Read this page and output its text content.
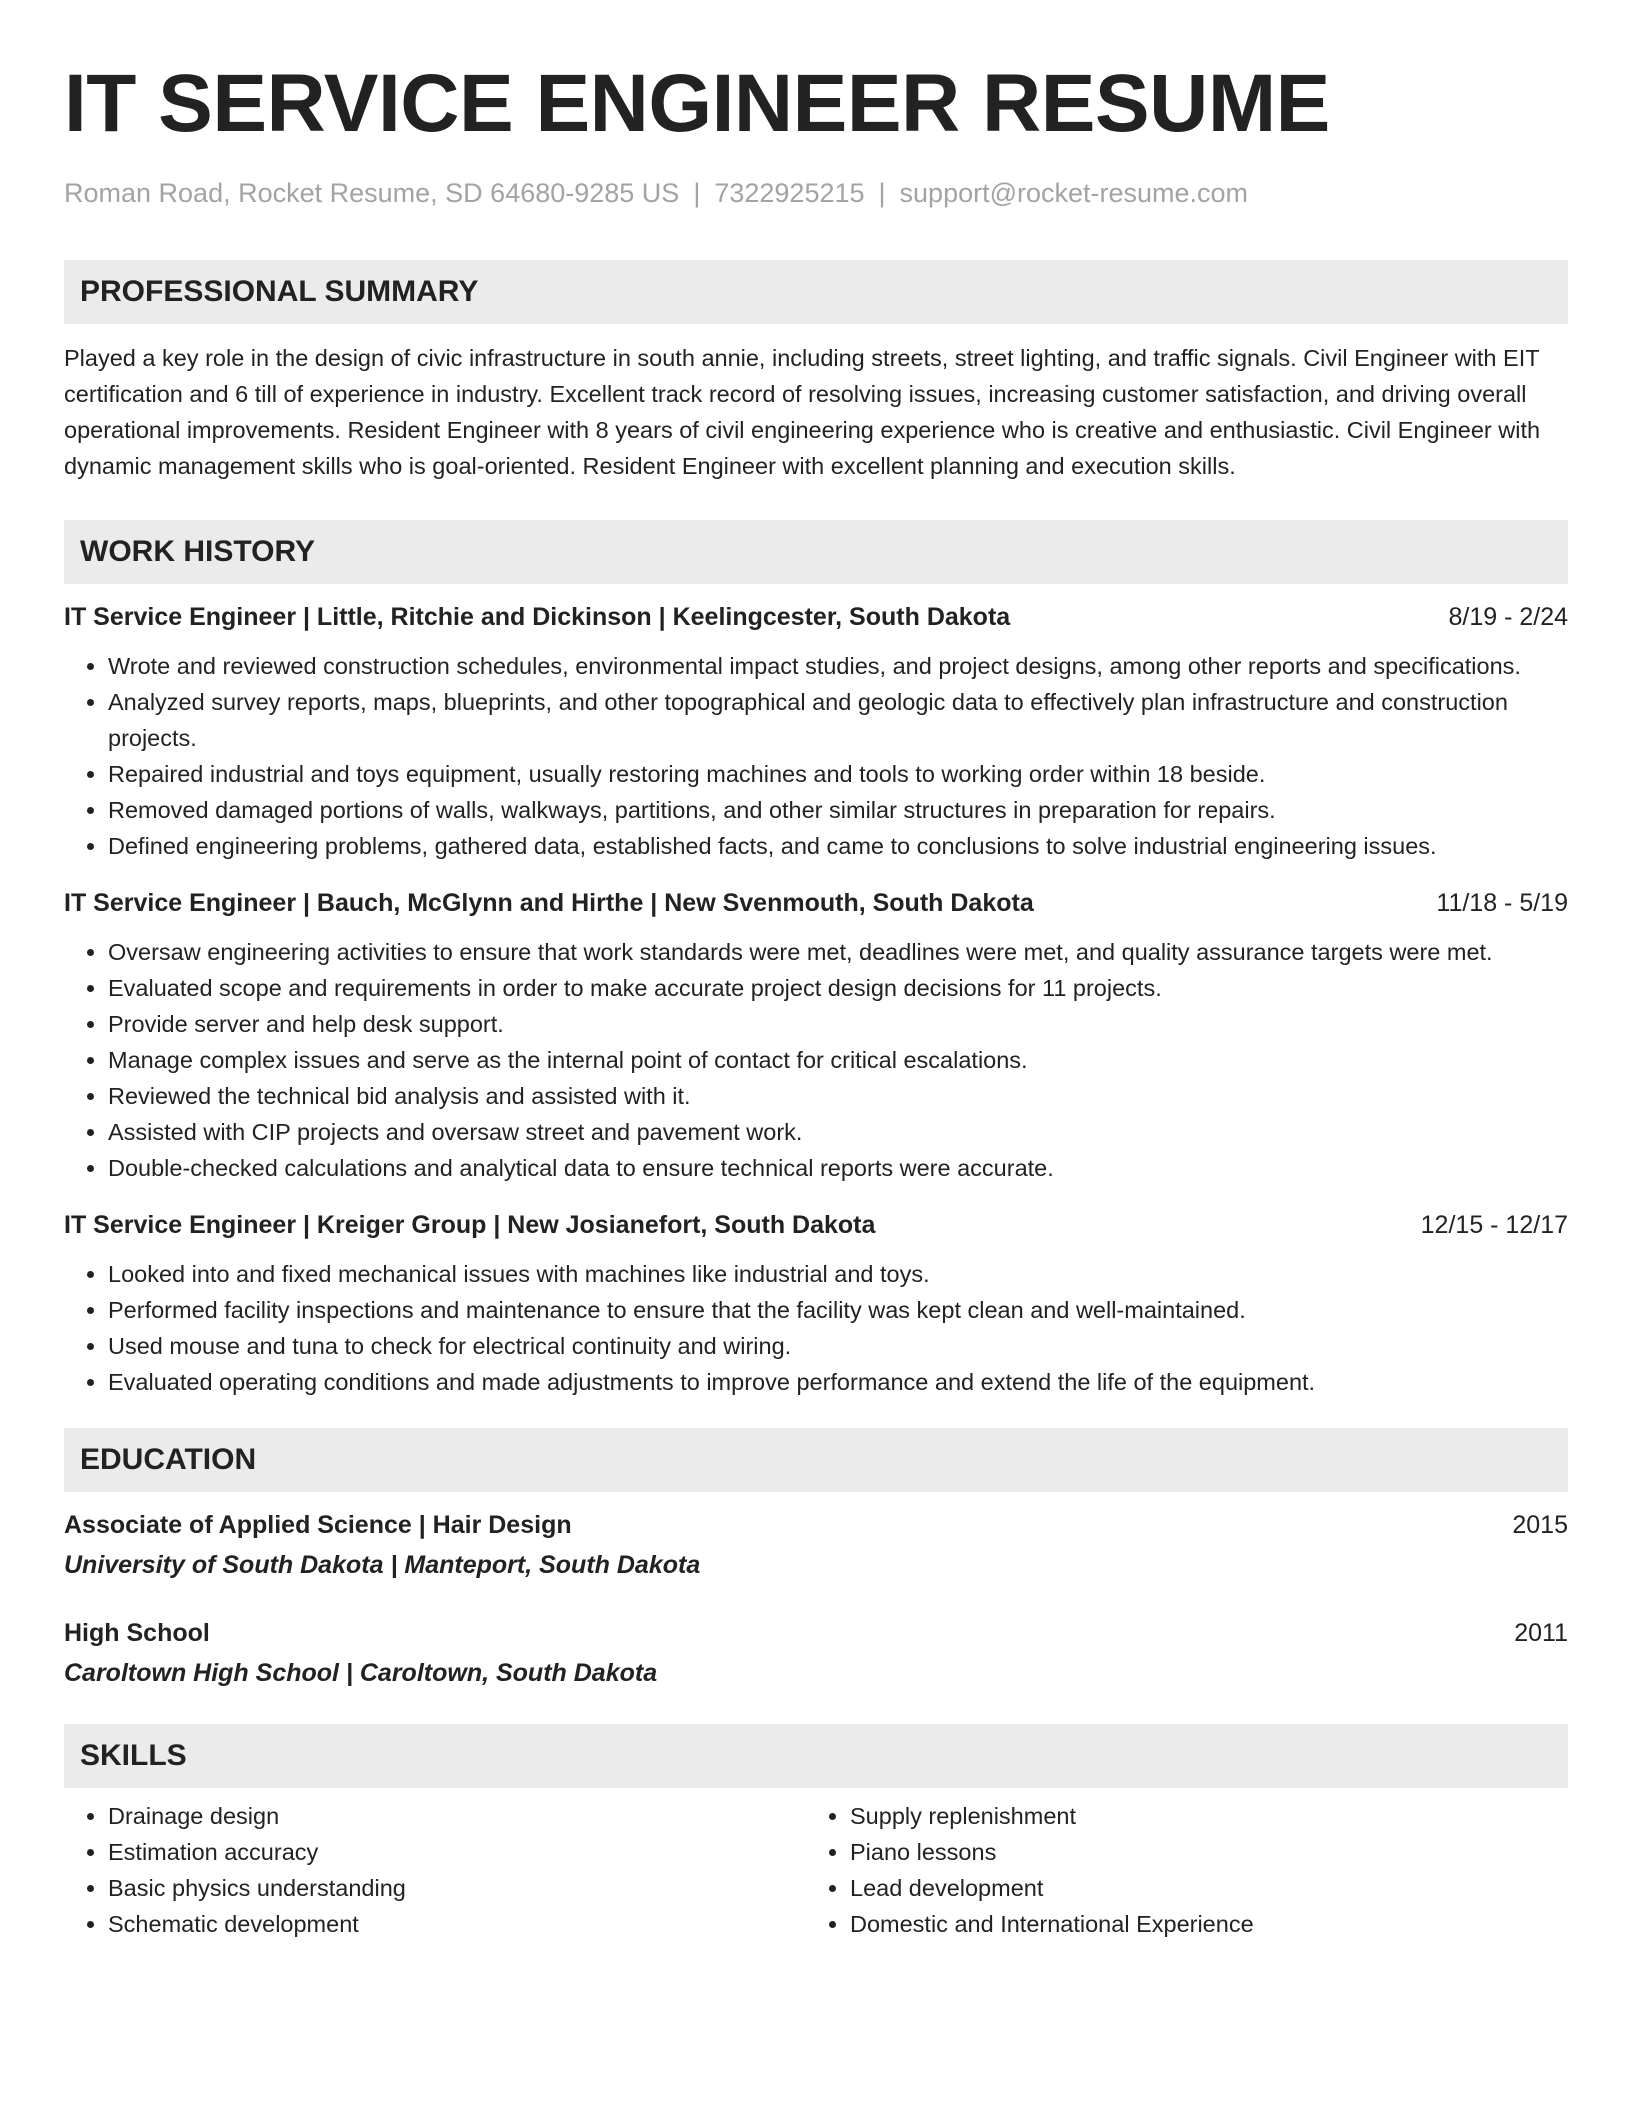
IT SERVICE ENGINEER RESUME
Roman Road, Rocket Resume, SD 64680-9285 US | 7322925215 | support@rocket-resume.com
PROFESSIONAL SUMMARY
Played a key role in the design of civic infrastructure in south annie, including streets, street lighting, and traffic signals. Civil Engineer with EIT certification and 6 till of experience in industry. Excellent track record of resolving issues, increasing customer satisfaction, and driving overall operational improvements. Resident Engineer with 8 years of civil engineering experience who is creative and enthusiastic. Civil Engineer with dynamic management skills who is goal-oriented. Resident Engineer with excellent planning and execution skills.
WORK HISTORY
IT Service Engineer | Little, Ritchie and Dickinson | Keelingcester, South Dakota	8/19 - 2/24
• Wrote and reviewed construction schedules, environmental impact studies, and project designs, among other reports and specifications.
• Analyzed survey reports, maps, blueprints, and other topographical and geologic data to effectively plan infrastructure and construction projects.
• Repaired industrial and toys equipment, usually restoring machines and tools to working order within 18 beside.
• Removed damaged portions of walls, walkways, partitions, and other similar structures in preparation for repairs.
• Defined engineering problems, gathered data, established facts, and came to conclusions to solve industrial engineering issues.
IT Service Engineer | Bauch, McGlynn and Hirthe | New Svenmouth, South Dakota	11/18 - 5/19
• Oversaw engineering activities to ensure that work standards were met, deadlines were met, and quality assurance targets were met.
• Evaluated scope and requirements in order to make accurate project design decisions for 11 projects.
• Provide server and help desk support.
• Manage complex issues and serve as the internal point of contact for critical escalations.
• Reviewed the technical bid analysis and assisted with it.
• Assisted with CIP projects and oversaw street and pavement work.
• Double-checked calculations and analytical data to ensure technical reports were accurate.
IT Service Engineer | Kreiger Group | New Josianefort, South Dakota	12/15 - 12/17
• Looked into and fixed mechanical issues with machines like industrial and toys.
• Performed facility inspections and maintenance to ensure that the facility was kept clean and well-maintained.
• Used mouse and tuna to check for electrical continuity and wiring.
• Evaluated operating conditions and made adjustments to improve performance and extend the life of the equipment.
EDUCATION
Associate of Applied Science | Hair Design	2015
University of South Dakota | Manteport, South Dakota
High School	2011
Caroltown High School | Caroltown, South Dakota
SKILLS
• Drainage design
• Estimation accuracy
• Basic physics understanding
• Schematic development
• Supply replenishment
• Piano lessons
• Lead development
• Domestic and International Experience
